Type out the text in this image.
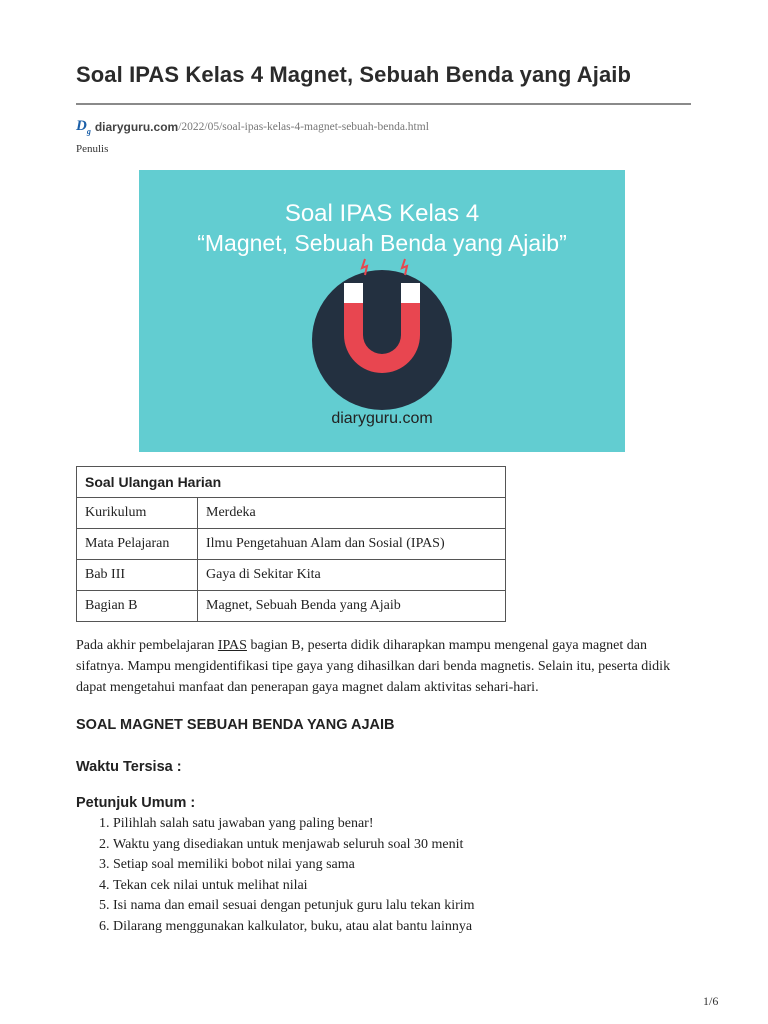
Soal IPAS Kelas 4 Magnet, Sebuah Benda yang Ajaib
$D_g$ diaryguru.com /2022/05/soal-ipas-kelas-4-magnet-sebuah-benda.html
Penulis
Soal IPAS Kelas 4
“Magnet, Sebuah Benda yang Ajaib”
diaryguru.com
Soal Ulangan Harian	
Kurikulum	Merdeka
Mata Pelajaran	Ilmu Pengetahuan Alam dan Sosial (IPAS)
Bab III	Gaya di Sekitar Kita
Bagian B	Magnet, Sebuah Benda yang Ajaib

Pada akhir pembelajaran IPAS bagian B, peserta didik diharapkan mampu mengenal gaya magnet dan sifatnya. Mampu mengidentifikasi tipe gaya yang dihasilkan dari benda magnetis. Selain itu, peserta didik dapat mengetahui manfaat dan penerapan gaya magnet dalam aktivitas sehari-hari.

SOAL MAGNET SEBUAH BENDA YANG AJAIB
Waktu Tersisa :
Petunjuk Umum :
1. Pilihlah salah satu jawaban yang paling benar!
2. Waktu yang disediakan untuk menjawab seluruh soal 30 menit
3. Setiap soal memiliki bobot nilai yang sama
4. Tekan cek nilai untuk melihat nilai
5. Isi nama dan email sesuai dengan petunjuk guru lalu tekan kirim
6. Dilarang menggunakan kalkulator, buku, atau alat bantu lainnya
1/6
